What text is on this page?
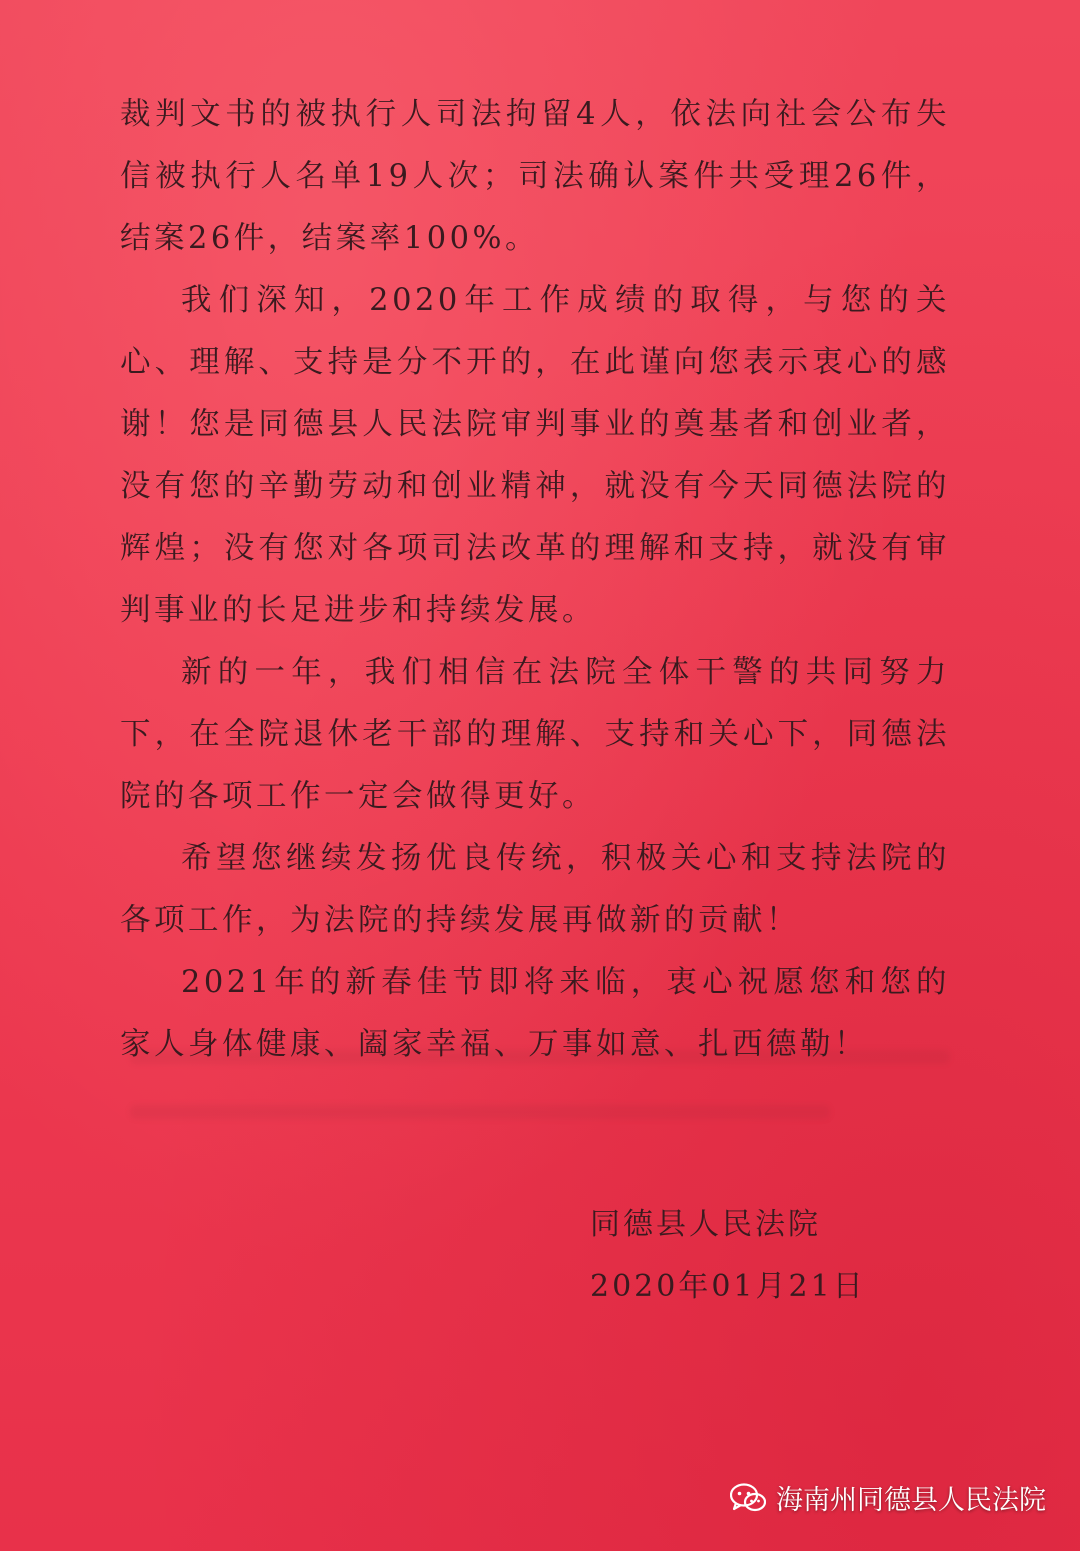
裁判文书的被执行人司法拘留4人，依法向社会公布失信被执行人名单19人次；司法确认案件共受理26件，结案26件，结案率100%。

我们深知，2020年工作成绩的取得，与您的关心、理解、支持是分不开的，在此谨向您表示衷心的感谢！您是同德县人民法院审判事业的奠基者和创业者，没有您的辛勤劳动和创业精神，就没有今天同德法院的辉煌；没有您对各项司法改革的理解和支持，就没有审判事业的长足进步和持续发展。

新的一年，我们相信在法院全体干警的共同努力下，在全院退休老干部的理解、支持和关心下，同德法院的各项工作一定会做得更好。

希望您继续发扬优良传统，积极关心和支持法院的各项工作，为法院的持续发展再做新的贡献！

2021年的新春佳节即将来临，衷心祝愿您和您的家人身体健康、阖家幸福、万事如意、扎西德勒！

同德县人民法院
2020年01月21日
海南州同德县人民法院
